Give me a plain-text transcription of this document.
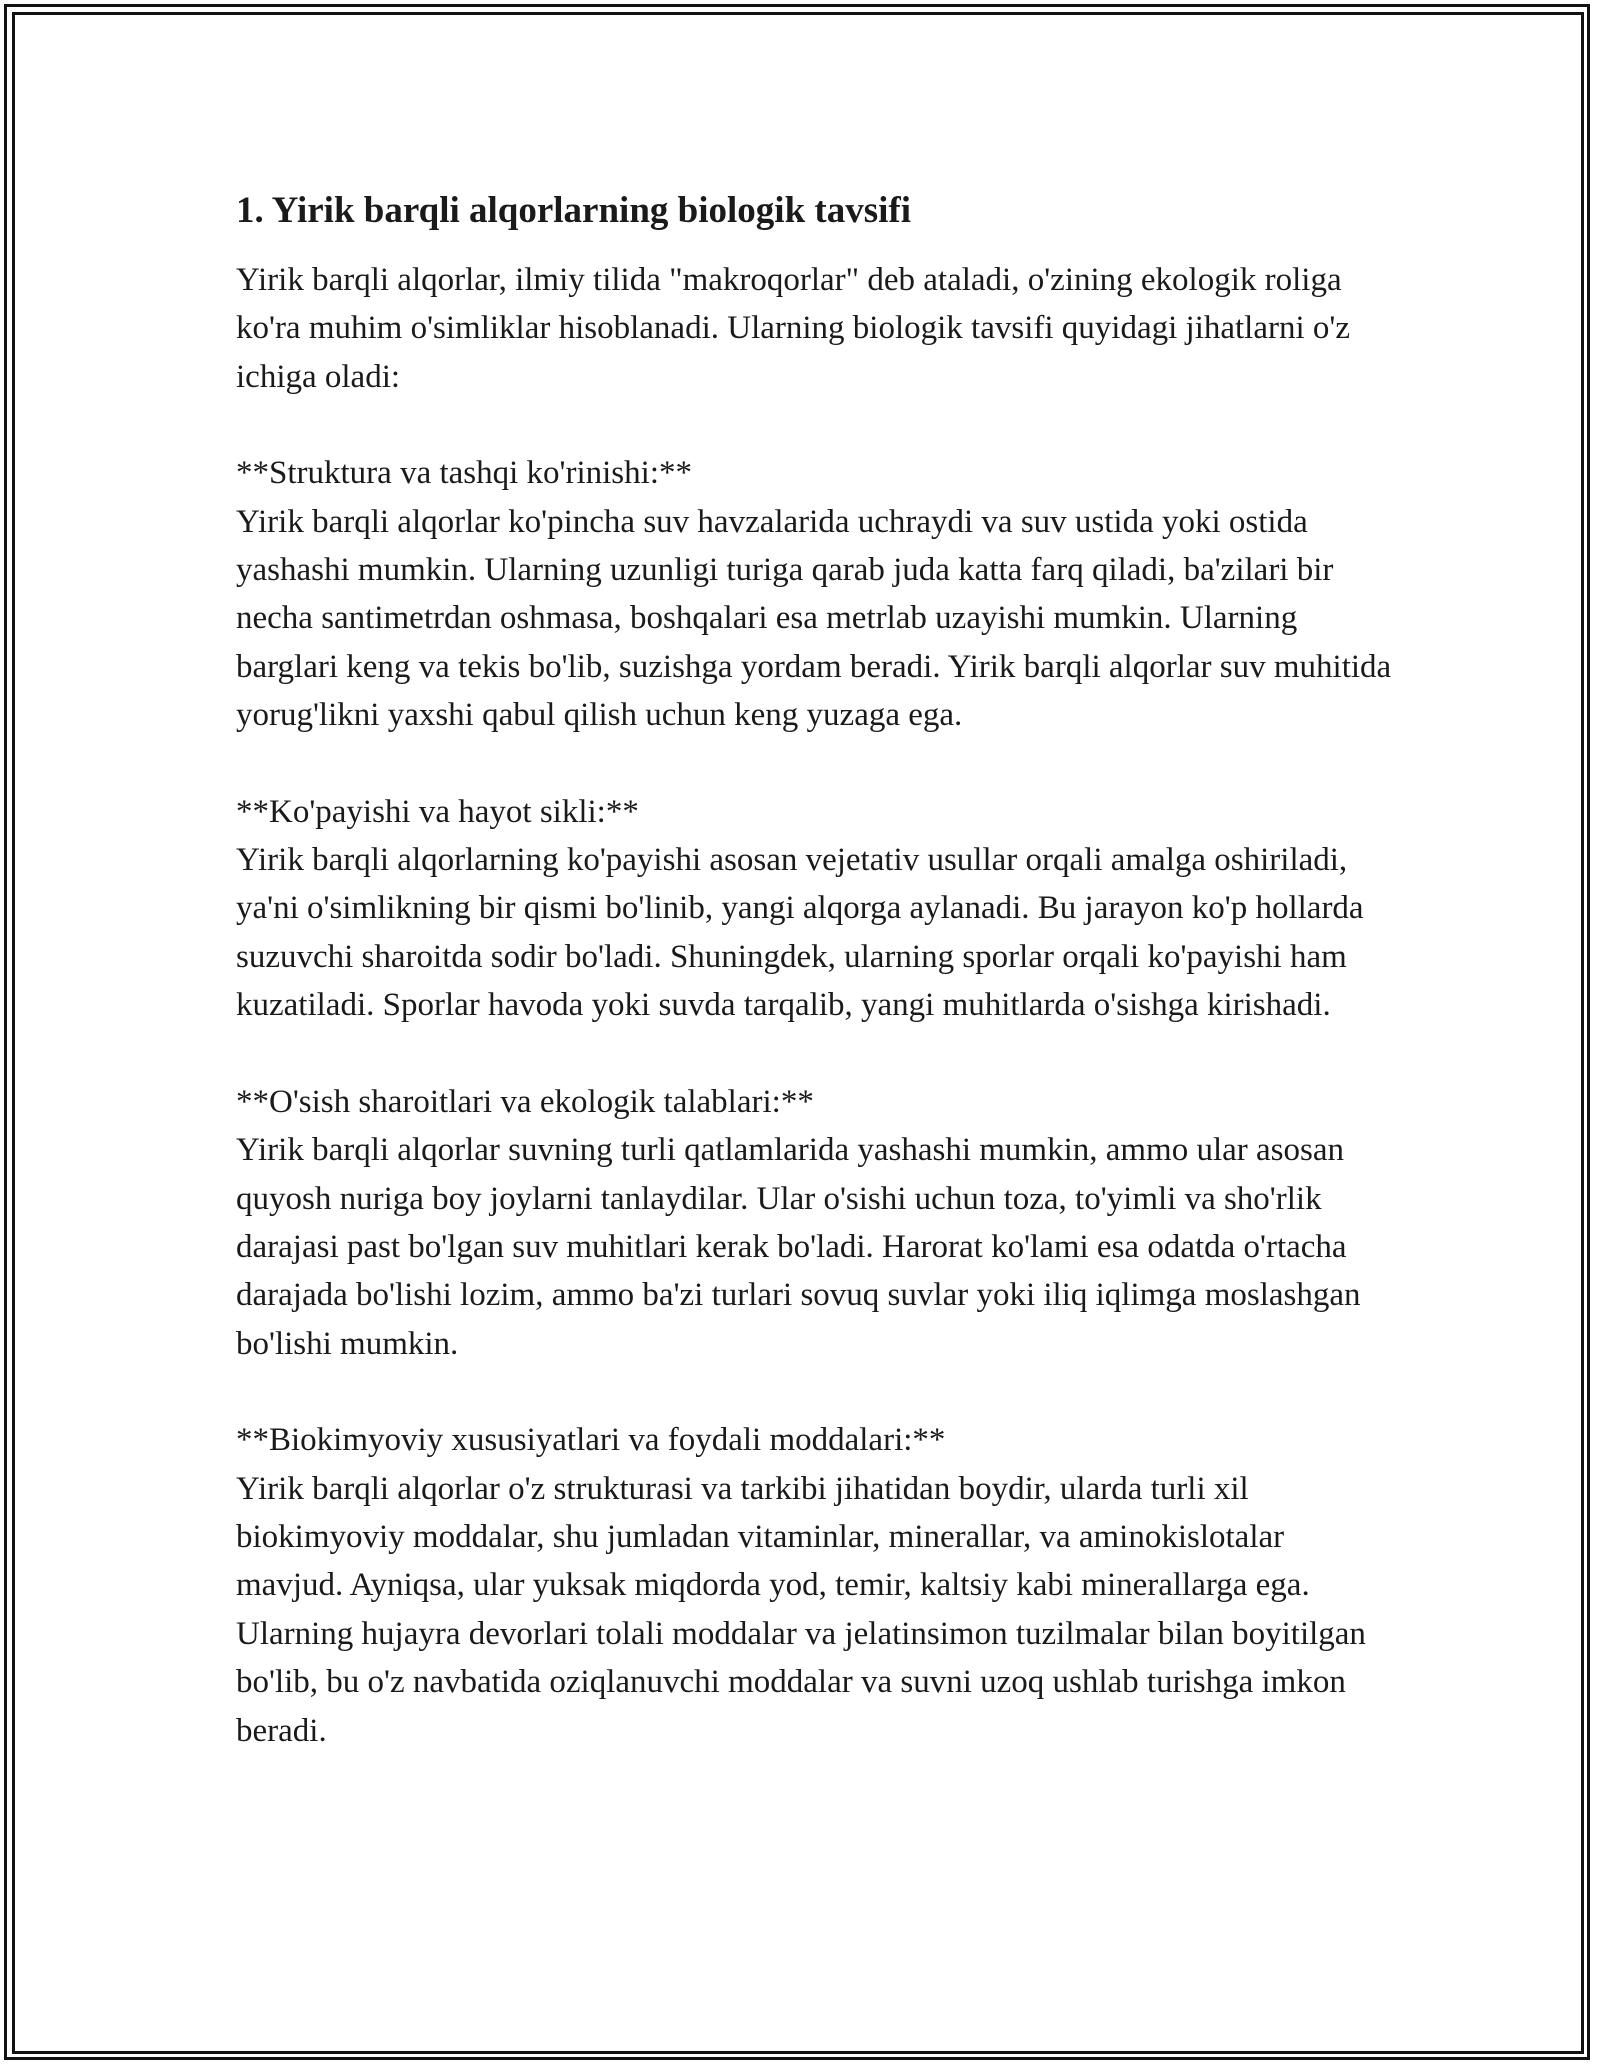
1. Yirik barqli alqorlarning biologik tavsifi

Yirik barqli alqorlar, ilmiy tilida "makroqorlar" deb ataladi, o'zining ekologik roliga ko'ra muhim o'simliklar hisoblanadi. Ularning biologik tavsifi quyidagi jihatlarni o'z ichiga oladi:

**Struktura va tashqi ko'rinishi:**

Yirik barqli alqorlar ko'pincha suv havzalarida uchraydi va suv ustida yoki ostida yashashi mumkin. Ularning uzunligi turiga qarab juda katta farq qiladi, ba'zilari bir necha santimetrdan oshmasa, boshqalari esa metrlab uzayishi mumkin. Ularning barglari keng va tekis bo'lib, suzishga yordam beradi. Yirik barqli alqorlar suv muhitida yorug'likni yaxshi qabul qilish uchun keng yuzaga ega.

**Ko'payishi va hayot sikli:**

Yirik barqli alqorlarning ko'payishi asosan vejetativ usullar orqali amalga oshiriladi, ya'ni o'simlikning bir qismi bo'linib, yangi alqorga aylanadi. Bu jarayon ko'p hollarda suzuvchi sharoitda sodir bo'ladi. Shuningdek, ularning sporlar orqali ko'payishi ham kuzatiladi. Sporlar havoda yoki suvda tarqalib, yangi muhitlarda o'sishga kirishadi.

**O'sish sharoitlari va ekologik talablari:**

Yirik barqli alqorlar suvning turli qatlamlarida yashashi mumkin, ammo ular asosan quyosh nuriga boy joylarni tanlaydilar. Ular o'sishi uchun toza, to'yimli va sho'rlik darajasi past bo'lgan suv muhitlari kerak bo'ladi. Harorat ko'lami esa odatda o'rtacha darajada bo'lishi lozim, ammo ba'zi turlari sovuq suvlar yoki iliq iqlimga moslashgan bo'lishi mumkin.

**Biokimyoviy xususiyatlari va foydali moddalari:**

Yirik barqli alqorlar o'z strukturasi va tarkibi jihatidan boydir, ularda turli xil biokimyoviy moddalar, shu jumladan vitaminlar, minerallar, va aminokislotalar mavjud. Ayniqsa, ular yuksak miqdorda yod, temir, kaltsiy kabi minerallarga ega. Ularning hujayra devorlari tolali moddalar va jelatinsimon tuzilmalar bilan boyitilgan bo'lib, bu o'z navbatida oziqlanuvchi moddalar va suvni uzoq ushlab turishga imkon beradi.
